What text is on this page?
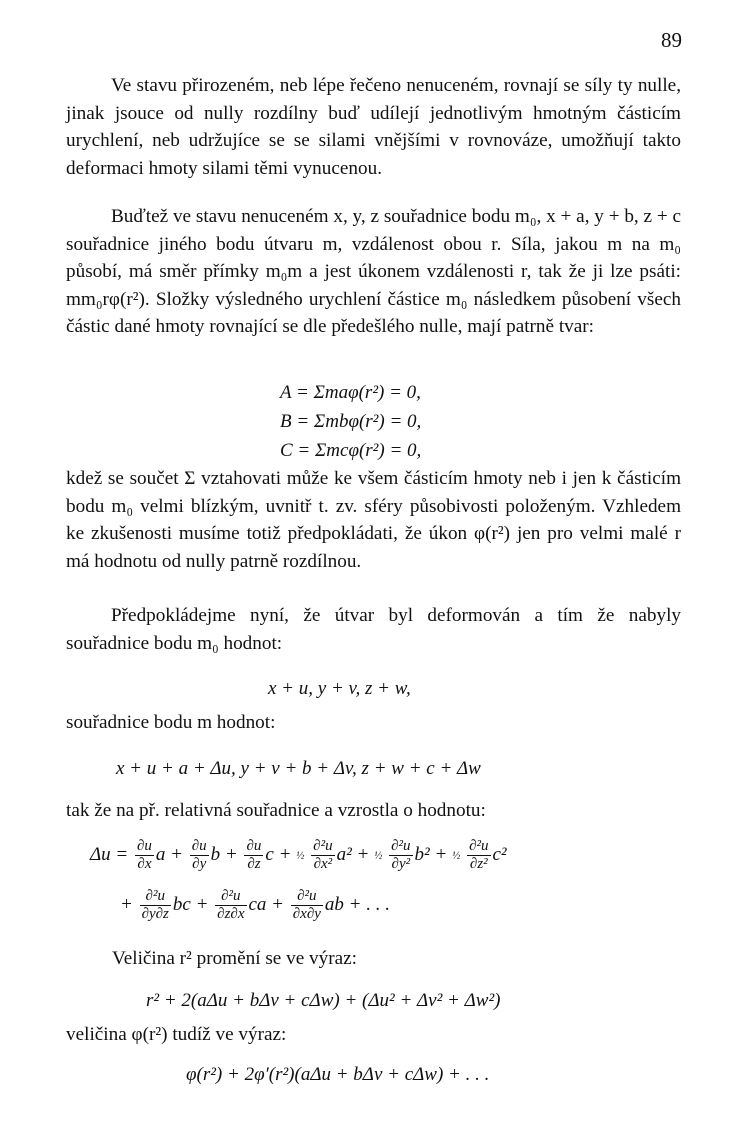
89
Ve stavu přirozeném, neb lépe řečeno nenuceném, rovnají se síly ty nulle, jinak jsouce od nully rozdílny buď udílejí jednotlivým hmotným částicím urychlení, neb udržujíce se se silami vnějšími v rovnováze, umožňují takto deformaci hmoty silami těmi vynucenou.
Buďtež ve stavu nenuceném x, y, z souřadnice bodu m₀, x + a, y + b, z + c souřadnice jiného bodu útvaru m, vzdálenost obou r. Síla, jakou m na m₀ působí, má směr přímky m₀m a jest úkonem vzdálenosti r, tak že ji lze psáti: mm₀rφ(r²). Složky výsledného urychlení částice m₀ následkem působení všech částic dané hmoty rovnající se dle předešlého nulle, mají patrně tvar:
A = Σmaφ(r²) = 0,
B = Σmbφ(r²) = 0,
C = Σmcφ(r²) = 0,
kdež se součet Σ vztahovati může ke všem částicím hmoty neb i jen k částicím bodu m₀ velmi blízkým, uvnitř t. zv. sféry působivosti položeným. Vzhledem ke zkušenosti musíme totiž předpokládati, že úkon φ(r²) jen pro velmi malé r má hodnotu od nully patrně rozdílnou.
Předpokládejme nyní, že útvar byl deformován a tím že nabyly souřadnice bodu m₀ hodnot:
x + u, y + v, z + w,
souřadnice bodu m hodnot:
x + u + a + Δu, y + v + b + Δv, z + w + c + Δw
tak že na př. relativná souřadnice a vzrostla o hodnotu:
$\Delta u = \frac{\partial u}{\partial x}$ $a + \frac{\partial u}{\partial y}$ $b + \frac{\partial u}{\partial z}$ c + ½ $\frac{\text{∂²u}}{\text{∂x²}} a^2$ + ½ $\frac{\text{∂²u}}{\text{∂y²}} b^2$ + ½ $\frac{\text{∂²u}}{\text{∂z²}} c^2$
+ $\frac{\text{∂²u}}{\partial y\partial z}$ bc + $\frac{\text{∂²u}}{\partial z\partial x}$ ca + $\frac{\text{∂²u}}{\partial x\partial y}$ ab + . . .
Veličina r² promění se ve výraz:
r² + 2(aΔu + bΔv + cΔw) + (Δu² + Δv² + Δw²)
veličina φ(r²) tudíž ve výraz:
φ(r²) + 2φ′(r²)(aΔu + bΔv + cΔw) + . . .
